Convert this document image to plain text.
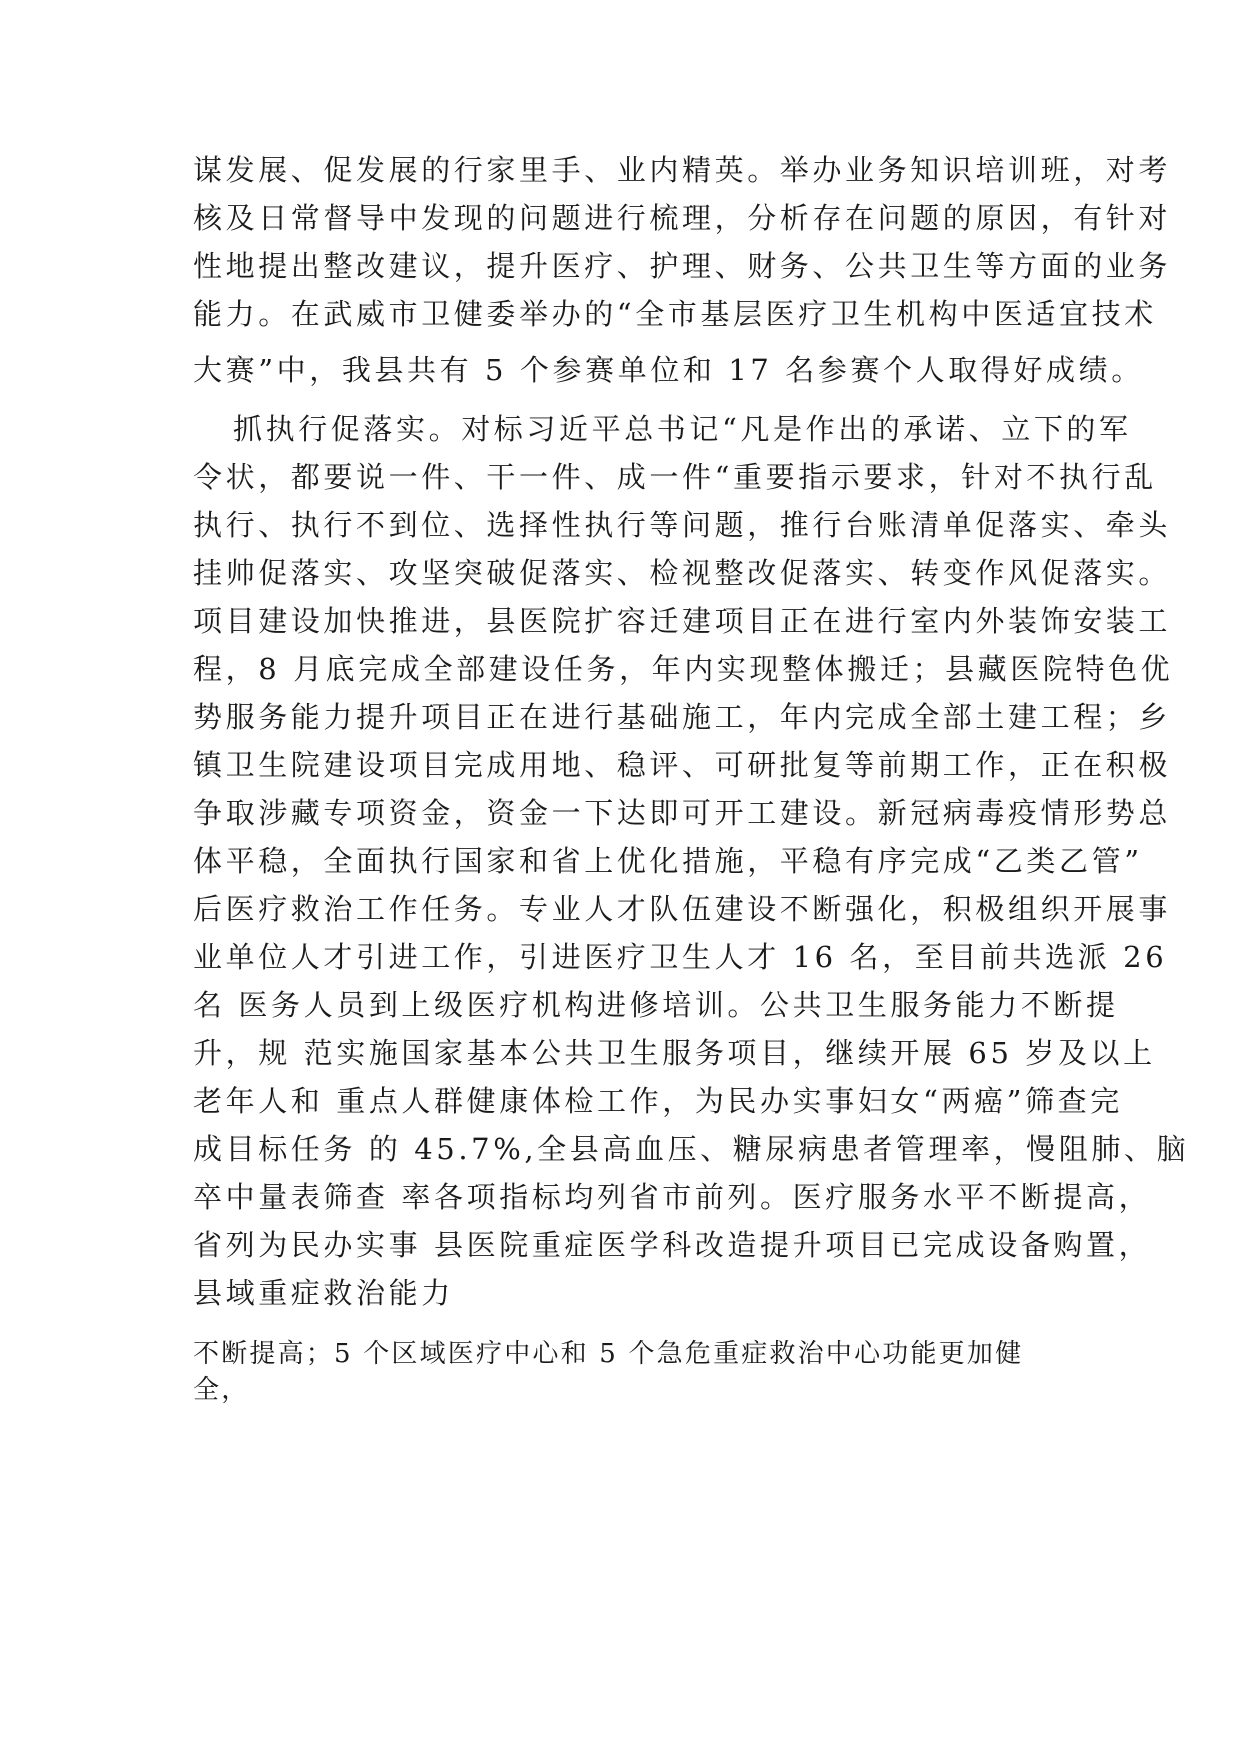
谋发展、促发展的行家里手、业内精英。举办业务知识培训班，对考
核及日常督导中发现的问题进行梳理，分析存在问题的原因，有针对
性地提出整改建议，提升医疗、护理、财务、公共卫生等方面的业务
能力。在武威市卫健委举办的“全市基层医疗卫生机构中医适宜技术
大赛”中，我县共有 5 个参赛单位和 17 名参赛个人取得好成绩。
抓执行促落实。对标习近平总书记“凡是作出的承诺、立下的军
令状，都要说一件、干一件、成一件“重要指示要求，针对不执行乱
执行、执行不到位、选择性执行等问题，推行台账清单促落实、牵头
挂帅促落实、攻坚突破促落实、检视整改促落实、转变作风促落实。
项目建设加快推进，县医院扩容迁建项目正在进行室内外装饰安装工
程，8 月底完成全部建设任务，年内实现整体搬迁；县藏医院特色优
势服务能力提升项目正在进行基础施工，年内完成全部土建工程；乡
镇卫生院建设项目完成用地、稳评、可研批复等前期工作，正在积极
争取涉藏专项资金，资金一下达即可开工建设。新冠病毒疫情形势总
体平稳，全面执行国家和省上优化措施，平稳有序完成“乙类乙管”
后医疗救治工作任务。专业人才队伍建设不断强化，积极组织开展事
业单位人才引进工作，引进医疗卫生人才 16 名，至目前共选派 26
名 医务人员到上级医疗机构进修培训。公共卫生服务能力不断提
升，规 范实施国家基本公共卫生服务项目，继续开展 65 岁及以上
老年人和 重点人群健康体检工作，为民办实事妇女“两癌”筛查完
成目标任务 的 45.7%,全县高血压、糖尿病患者管理率，慢阻肺、脑
卒中量表筛查 率各项指标均列省市前列。医疗服务水平不断提高，
省列为民办实事 县医院重症医学科改造提升项目已完成设备购置，
县域重症救治能力
不断提高；5 个区域医疗中心和 5 个急危重症救治中心功能更加健
全，
